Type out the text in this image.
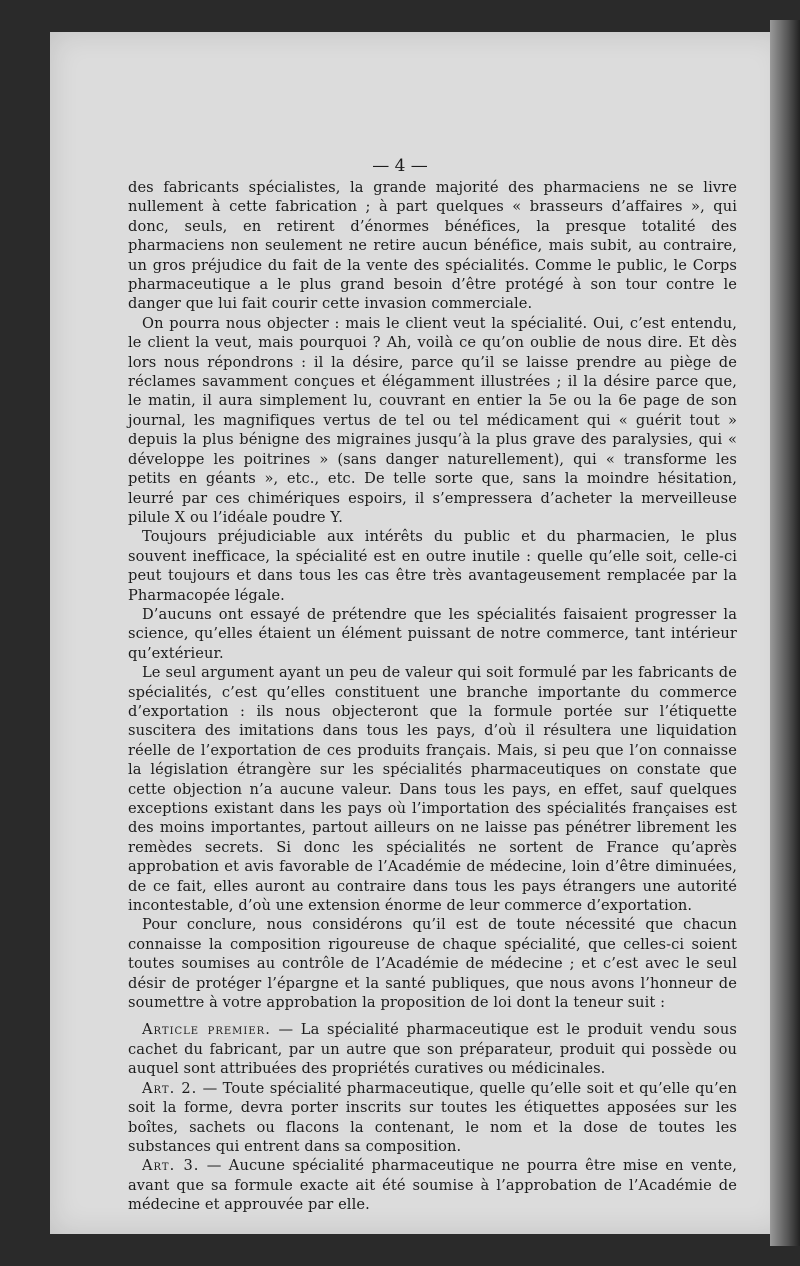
— 4 —

des fabricants spécialistes, la grande majorité des pharmaciens ne se livre nullement à cette fabrication ; à part quelques « brasseurs d’affaires », qui donc, seuls, en retirent d’énormes bénéfices, la presque totalité des pharmaciens non seulement ne retire aucun bénéfice, mais subit, au contraire, un gros préjudice du fait de la vente des spécialités. Comme le public, le Corps pharmaceutique a le plus grand besoin d’être protégé à son tour contre le danger que lui fait courir cette invasion commerciale.

On pourra nous objecter : mais le client veut la spécialité. Oui, c’est entendu, le client la veut, mais pourquoi ? Ah, voilà ce qu’on oublie de nous dire. Et dès lors nous répondrons : il la désire, parce qu’il se laisse prendre au piège de réclames savamment conçues et élégamment illustrées ; il la désire parce que, le matin, il aura simplement lu, couvrant en entier la 5e ou la 6e page de son journal, les magnifiques vertus de tel ou tel médicament qui « guérit tout » depuis la plus bénigne des migraines jusqu’à la plus grave des paralysies, qui « développe les poitrines » (sans danger naturellement), qui « transforme les petits en géants », etc., etc. De telle sorte que, sans la moindre hésitation, leurré par ces chimériques espoirs, il s’empressera d’acheter la merveilleuse pilule X ou l’idéale poudre Y.

Toujours préjudiciable aux intérêts du public et du pharmacien, le plus souvent inefficace, la spécialité est en outre inutile : quelle qu’elle soit, celle-ci peut toujours et dans tous les cas être très avantageusement remplacée par la Pharmacopée légale.

D’aucuns ont essayé de prétendre que les spécialités faisaient progresser la science, qu’elles étaient un élément puissant de notre commerce, tant intérieur qu’extérieur.

Le seul argument ayant un peu de valeur qui soit formulé par les fabricants de spécialités, c’est qu’elles constituent une branche importante du commerce d’exportation : ils nous objecteront que la formule portée sur l’étiquette suscitera des imitations dans tous les pays, d’où il résultera une liquidation réelle de l’exportation de ces produits français. Mais, si peu que l’on connaisse la législation étrangère sur les spécialités pharmaceutiques on constate que cette objection n’a aucune valeur. Dans tous les pays, en effet, sauf quelques exceptions existant dans les pays où l’importation des spécialités françaises est des moins importantes, partout ailleurs on ne laisse pas pénétrer librement les remèdes secrets. Si donc les spécialités ne sortent de France qu’après approbation et avis favorable de l’Académie de médecine, loin d’être diminuées, de ce fait, elles auront au contraire dans tous les pays étrangers une autorité incontestable, d’où une extension énorme de leur commerce d’exportation.

Pour conclure, nous considérons qu’il est de toute nécessité que chacun connaisse la composition rigoureuse de chaque spécialité, que celles-ci soient toutes soumises au contrôle de l’Académie de médecine ; et c’est avec le seul désir de protéger l’épargne et la santé publiques, que nous avons l’honneur de soumettre à votre approbation la proposition de loi dont la teneur suit :

Article premier. — La spécialité pharmaceutique est le produit vendu sous cachet du fabricant, par un autre que son préparateur, produit qui possède ou auquel sont attribuées des propriétés curatives ou médicinales.

Art. 2. — Toute spécialité pharmaceutique, quelle qu’elle soit et qu’elle qu’en soit la forme, devra porter inscrits sur toutes les étiquettes apposées sur les boîtes, sachets ou flacons la contenant, le nom et la dose de toutes les substances qui entrent dans sa composition.

Art. 3. — Aucune spécialité pharmaceutique ne pourra être mise en vente, avant que sa formule exacte ait été soumise à l’approbation de l’Académie de médecine et approuvée par elle.
